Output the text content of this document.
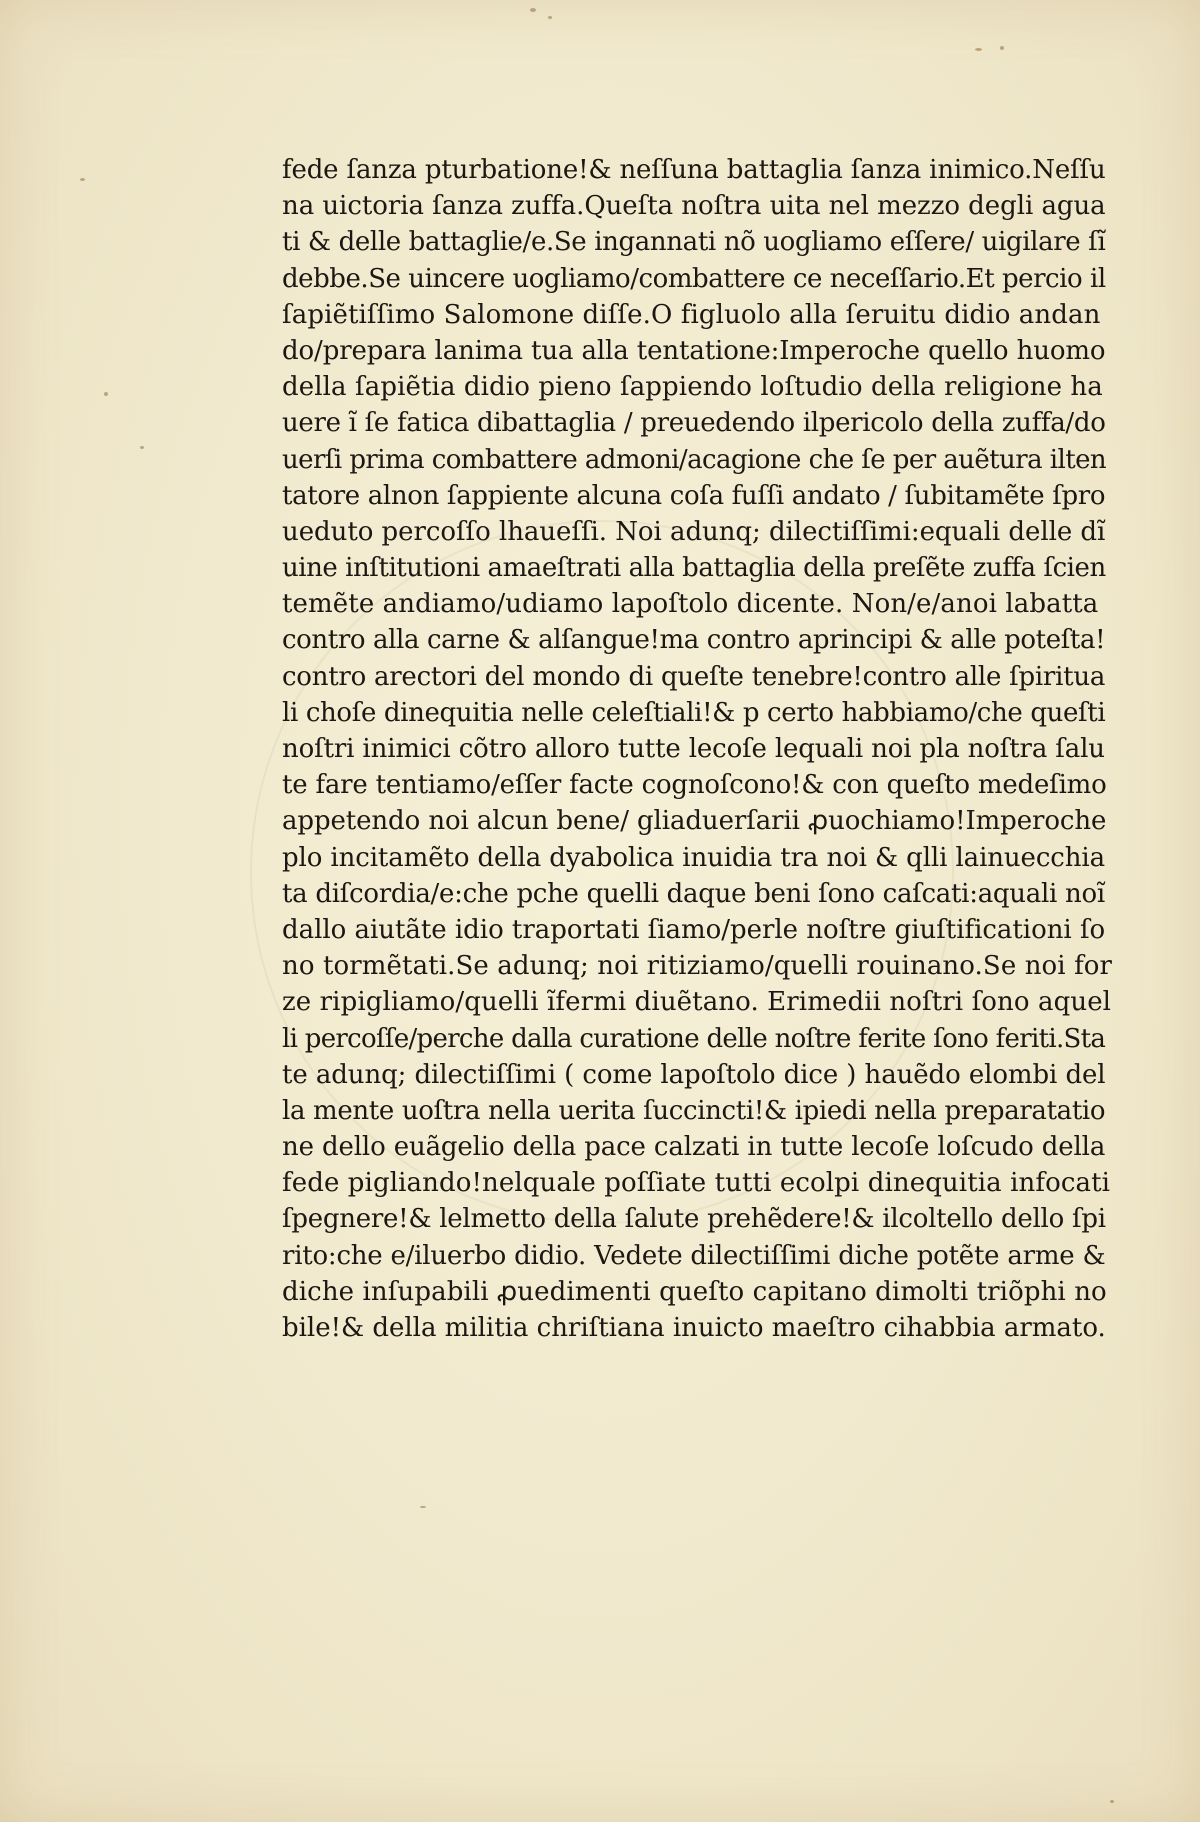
fede ſanza pturbatione!& neſſuna battaglia ſanza inimico.Neſſu
na uictoria ſanza zuffa.Queſta noſtra uita nel mezzo degli agua
ti & delle battaglie/e.Se ingannati nõ uogliamo eſſere/ uigilare ſĩ
debbe.Se uincere uogliamo/combattere ce neceſſario.Et percio il
ſapiẽtiſſimo Salomone diſſe.O figluolo alla ſeruitu didio andan
do/prepara lanima tua alla tentatione:Imperoche quello huomo
della ſapiẽtia didio pieno ſappiendo loſtudio della religione ha
uere ĩ ſe fatica dibattaglia / preuedendo ilpericolo della zuffa/do
uerſi prima combattere admoni/acagione che ſe per auẽtura ilten
tatore alnon ſappiente alcuna coſa fuſſi andato / ſubitamẽte ſpro
ueduto percoſſo lhaueſſi. Noi adunq; dilectiſſimi:equali delle dĩ
uine inſtitutioni amaeſtrati alla battaglia della preſẽte zuffa ſcien
temẽte andiamo/udiamo lapoſtolo dicente. Non/e/anoi labatta
contro alla carne & alſangue!ma contro aprincipi & alle poteſta!
contro arectori del mondo di queſte tenebre!contro alle ſpiritua
li choſe dinequitia nelle celeſtiali!& p certo habbiamo/che queſti
noſtri inimici cõtro alloro tutte lecoſe lequali noi pla noſtra ſalu
te fare tentiamo/eſſer facte cognoſcono!& con queſto medeſimo
appetendo noi alcun bene/ gliaduerſarii ꝓuochiamo!Imperoche
plo incitamẽto della dyabolica inuidia tra noi & qlli lainuecchia
ta diſcordia/e:che pche quelli daque beni ſono caſcati:aquali noĩ
dallo aiutãte idio traportati ſiamo/perle noſtre giuſtificationi ſo
no tormẽtati.Se adunq; noi ritiziamo/quelli rouinano.Se noi for
ze ripigliamo/quelli ĩfermi diuẽtano. Erimedii noſtri ſono aquel
li percoſſe/perche dalla curatione delle noſtre ferite ſono feriti.Sta
te adunq; dilectiſſimi ( come lapoſtolo dice ) hauẽdo elombi del
la mente uoſtra nella uerita ſuccincti!& ipiedi nella preparatatio
ne dello euãgelio della pace calzati in tutte lecoſe loſcudo della
fede pigliando!nelquale poſſiate tutti ecolpi dinequitia infocati
ſpegnere!& lelmetto della ſalute prehẽdere!& ilcoltello dello ſpi
rito:che e/iluerbo didio. Vedete dilectiſſimi diche potẽte arme &
diche inſupabili ꝓuedimenti queſto capitano dimolti triõphi no
bile!& della militia chriſtiana inuicto maeſtro cihabbia armato.
